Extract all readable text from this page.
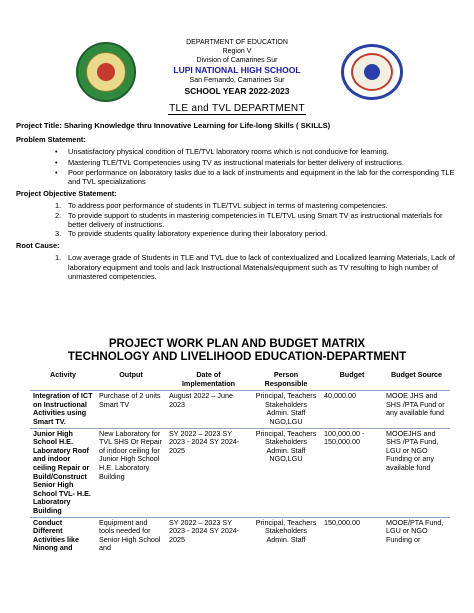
DEPARTMENT OF EDUCATION
Region V
Division of Camarines Sur
LUPI NATIONAL HIGH SCHOOL
San Fernando, Camarines Sur
SCHOOL YEAR 2022-2023
TLE and TVL DEPARTMENT
Project Title: Sharing Knowledge thru Innovative Learning for Life-long Skills ( SKILLS)
Problem Statement:
• Unsatisfactory physical condition of TLE/TVL laboratory rooms which is not conducive for learning.
• Mastering TLE/TVL Competencies using TV as instructional materials for better delivery of instructions.
• Poor performance on laboratory tasks due to a lack of instruments and equipment in the lab for the corresponding TLE and TVL specializations
Project Objective Statement:
1. To address poor performance of students in TLE/TVL subject in terms of mastering competencies.
2. To provide support to students in mastering competencies in TLE/TVL using Smart TV as instructional materials for better delivery of instructions.
3. To provide students quality laboratory experience during their laboratory period.
Root Cause:
1. Low average grade of Students in TLE and TVL due to lack of contextualized and Localized learning Materials, Lack of laboratory equipment and tools and lack Instructional Materials/equipment such as TV resulting to high number of unmastered competencies.
PROJECT WORK PLAN AND BUDGET MATRIX
TECHNOLOGY AND LIVELIHOOD EDUCATION-DEPARTMENT
Activity	Output	Date of Implementation	Person Responsible	Budget	Budget Source
Integration of ICT on Instructional Activities using Smart TV.	Purchase of 2 units Smart TV	August 2022 – June 2023	Principal, Teachers Stakeholders Admin. Staff NGO,LGU	40,000.00	MOOE JHS and SHS /PTA Fund or any available fund
Junior High School H.E. Laboratory Roof and indoor ceiling Repair or Build/Construct Senior High School TVL- H.E. Laboratory Building	New Laboratory for TVL SHS Or Repair of indoor ceiling for Junior High School H.E. Laboratory Building	SY 2022 – 2023 SY 2023 - 2024 SY 2024- 2025	Principal, Teachers Stakeholders Admin. Staff NGO,LGU	100,000.00 - 150,000.00	MOOEJHS and SHS /PTA Fund, LGU or NGO Funding or any available fund
Conduct Different Activities like Ninong and	Equipment and tools needed for Senior High School and	SY 2022 – 2023 SY 2023 - 2024 SY 2024- 2025	Principal, Teachers Stakeholders Admin. Staff	150,000.00	MOOE/PTA Fund, LGU or NGO Funding or
